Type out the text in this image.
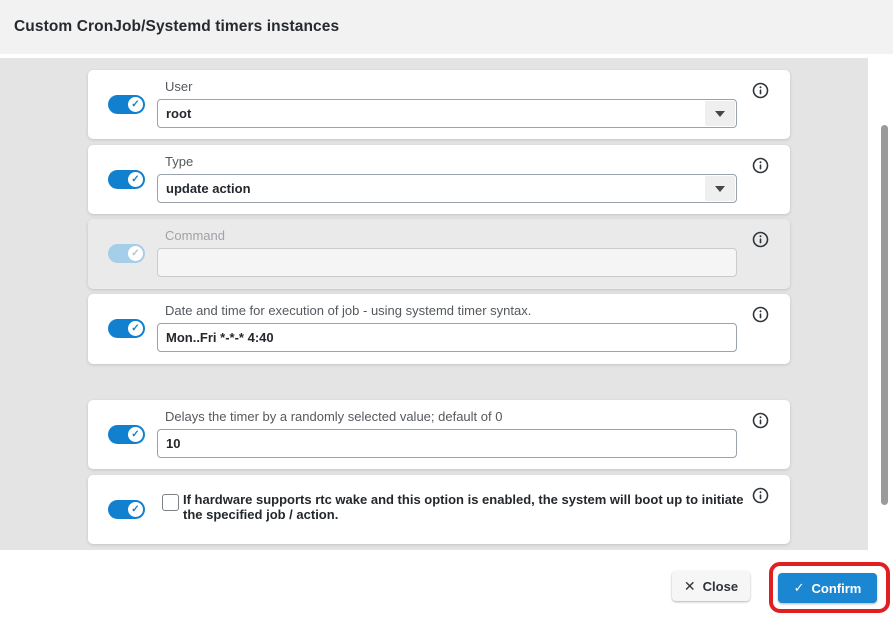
Custom CronJob/Systemd timers instances
✓
User
root
✓
Type
update action
✓
Command
✓
Date and time for execution of job - using systemd timer syntax.
Mon..Fri *-*-* 4:40
✓
Delays the timer by a randomly selected value; default of 0
10
✓
If hardware supports rtc wake and this option is enabled, the system will boot up to initiate the specified job / action.
✕ Close	✓ Confirm
